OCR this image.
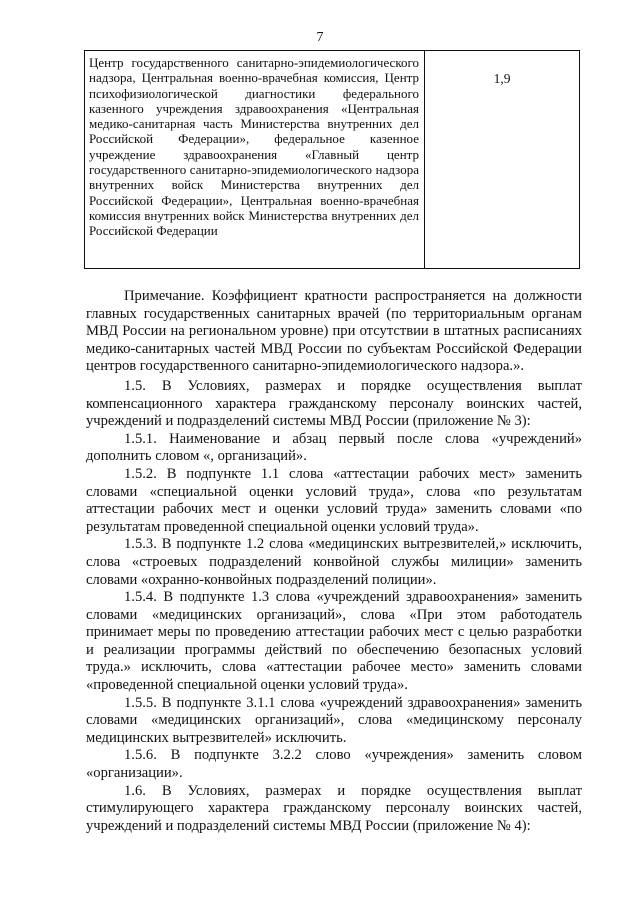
7
Центр государственного санитарно-эпидемиологического надзора, Центральная военно-врачебная комиссия, Центр психофизиологической диагностики федерального казенного учреждения здравоохранения «Центральная медико-санитарная часть Министерства внутренних дел Российской Федерации», федеральное казенное учреждение здравоохранения «Главный центр государственного санитарно-эпидемиологического надзора внутренних войск Министерства внутренних дел Российской Федерации», Центральная военно-врачебная комиссия внутренних войск Министерства внутренних дел Российской Федерации
1,9

Примечание. Коэффициент кратности распространяется на должности главных государственных санитарных врачей (по территориальным органам МВД России на региональном уровне) при отсутствии в штатных расписаниях медико-санитарных частей МВД России по субъектам Российской Федерации центров государственного санитарно-эпидемиологического надзора.».

1.5. В Условиях, размерах и порядке осуществления выплат компенсационного характера гражданскому персоналу воинских частей, учреждений и подразделений системы МВД России (приложение № 3):

1.5.1. Наименование и абзац первый после слова «учреждений» дополнить словом «, организаций».

1.5.2. В подпункте 1.1 слова «аттестации рабочих мест» заменить словами «специальной оценки условий труда», слова «по результатам аттестации рабочих мест и оценки условий труда» заменить словами «по результатам проведенной специальной оценки условий труда».

1.5.3. В подпункте 1.2 слова «медицинских вытрезвителей,» исключить, слова «строевых подразделений конвойной службы милиции» заменить словами «охранно-конвойных подразделений полиции».

1.5.4. В подпункте 1.3 слова «учреждений здравоохранения» заменить словами «медицинских организаций», слова «При этом работодатель принимает меры по проведению аттестации рабочих мест с целью разработки и реализации программы действий по обеспечению безопасных условий труда.» исключить, слова «аттестации рабочее место» заменить словами «проведенной специальной оценки условий труда».

1.5.5. В подпункте 3.1.1 слова «учреждений здравоохранения» заменить словами «медицинских организаций», слова «медицинскому персоналу медицинских вытрезвителей» исключить.

1.5.6. В подпункте 3.2.2 слово «учреждения» заменить словом «организации».

1.6. В Условиях, размерах и порядке осуществления выплат стимулирующего характера гражданскому персоналу воинских частей, учреждений и подразделений системы МВД России (приложение № 4):
